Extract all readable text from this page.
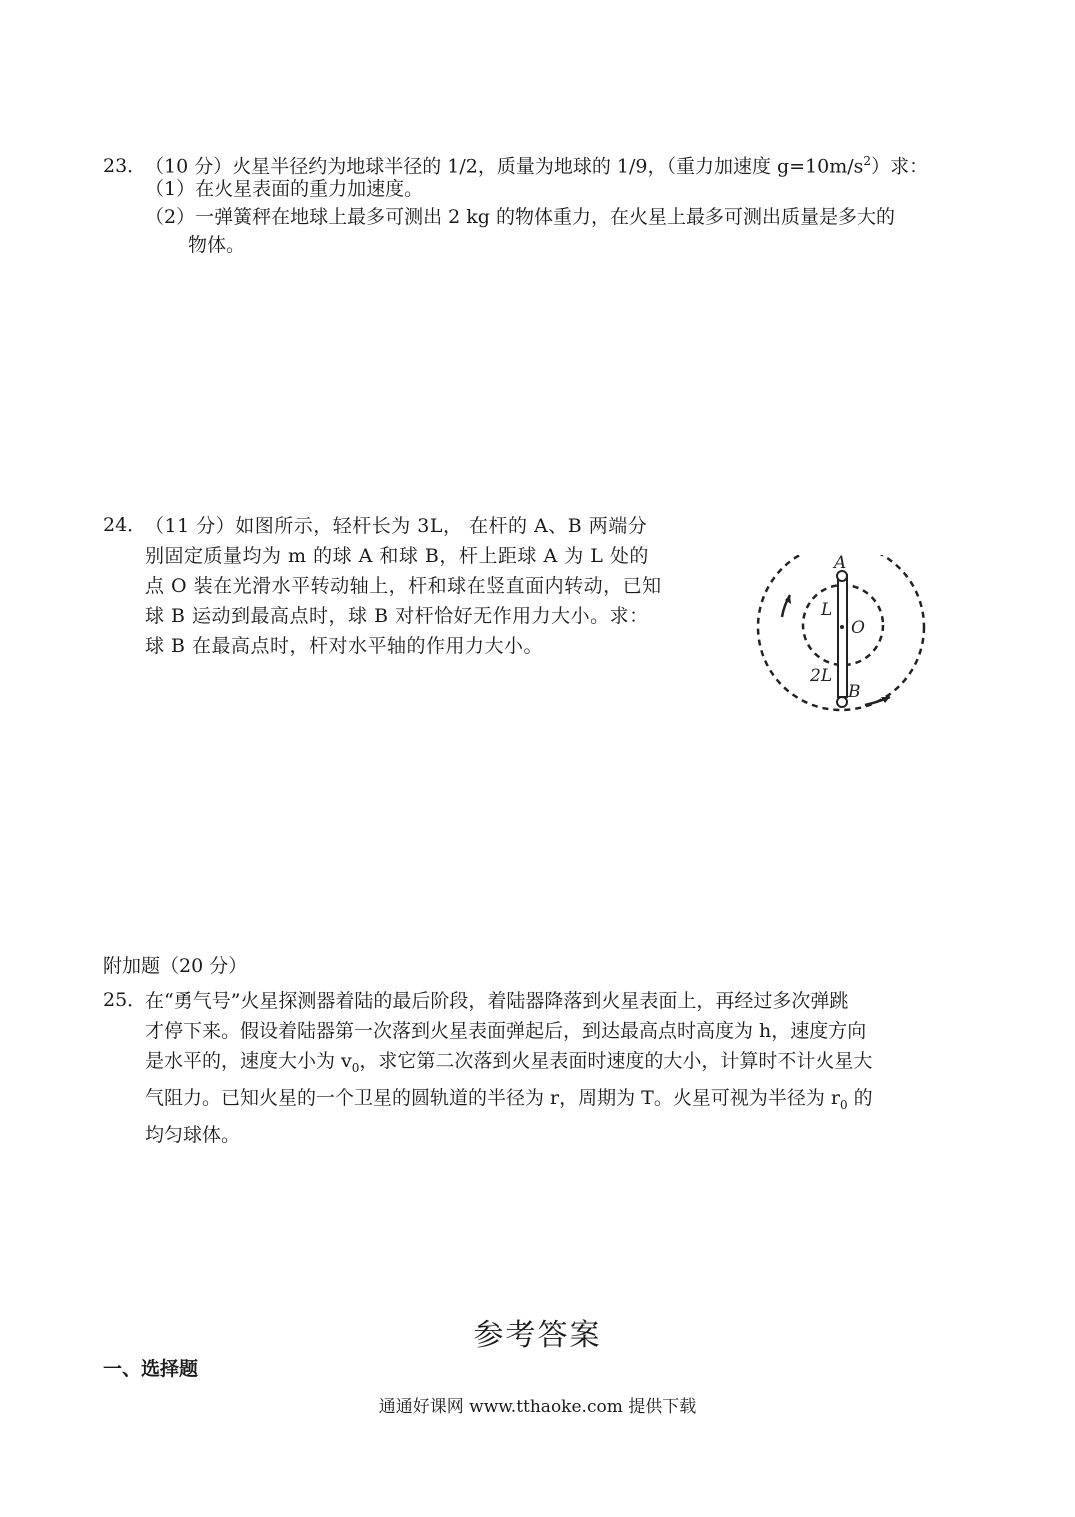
23．（10 分）火星半径约为地球半径的 1/2，质量为地球的 1/9，（重力加速度 $g=10m/s^2$）求：
（1）在火星表面的重力加速度。
（2）一弹簧秤在地球上最多可测出 2 kg 的物体重力，在火星上最多可测出质量是多大的
物体。
24．
（11 分）如图所示，轻杆长为 3L， 在杆的 A、B 两端分别固定质量均为 m 的球 A 和球 B，杆上距球 A 为 L 处的点 O 装在光滑水平转动轴上，杆和球在竖直面内转动，已知球 B 运动到最高点时，球 B 对杆恰好无作用力大小。求： 球 B 在最高点时，杆对水平轴的作用力大小。
A
L
O
2L
B
附加题（20 分）
25．
在“勇气号”火星探测器着陆的最后阶段，着陆器降落到火星表面上，再经过多次弹跳
才停下来。假设着陆器第一次落到火星表面弹起后，到达最高点时高度为 h，速度方向
是水平的，速度大小为 $v_0$，求它第二次落到火星表面时速度的大小，计算时不计火星大
气阻力。已知火星的一个卫星的圆轨道的半径为 r，周期为 T。火星可视为半径为 $r_0$ 的
均匀球体。
参考答案
一、选择题
通通好课网 www.tthaoke.com 提供下载
